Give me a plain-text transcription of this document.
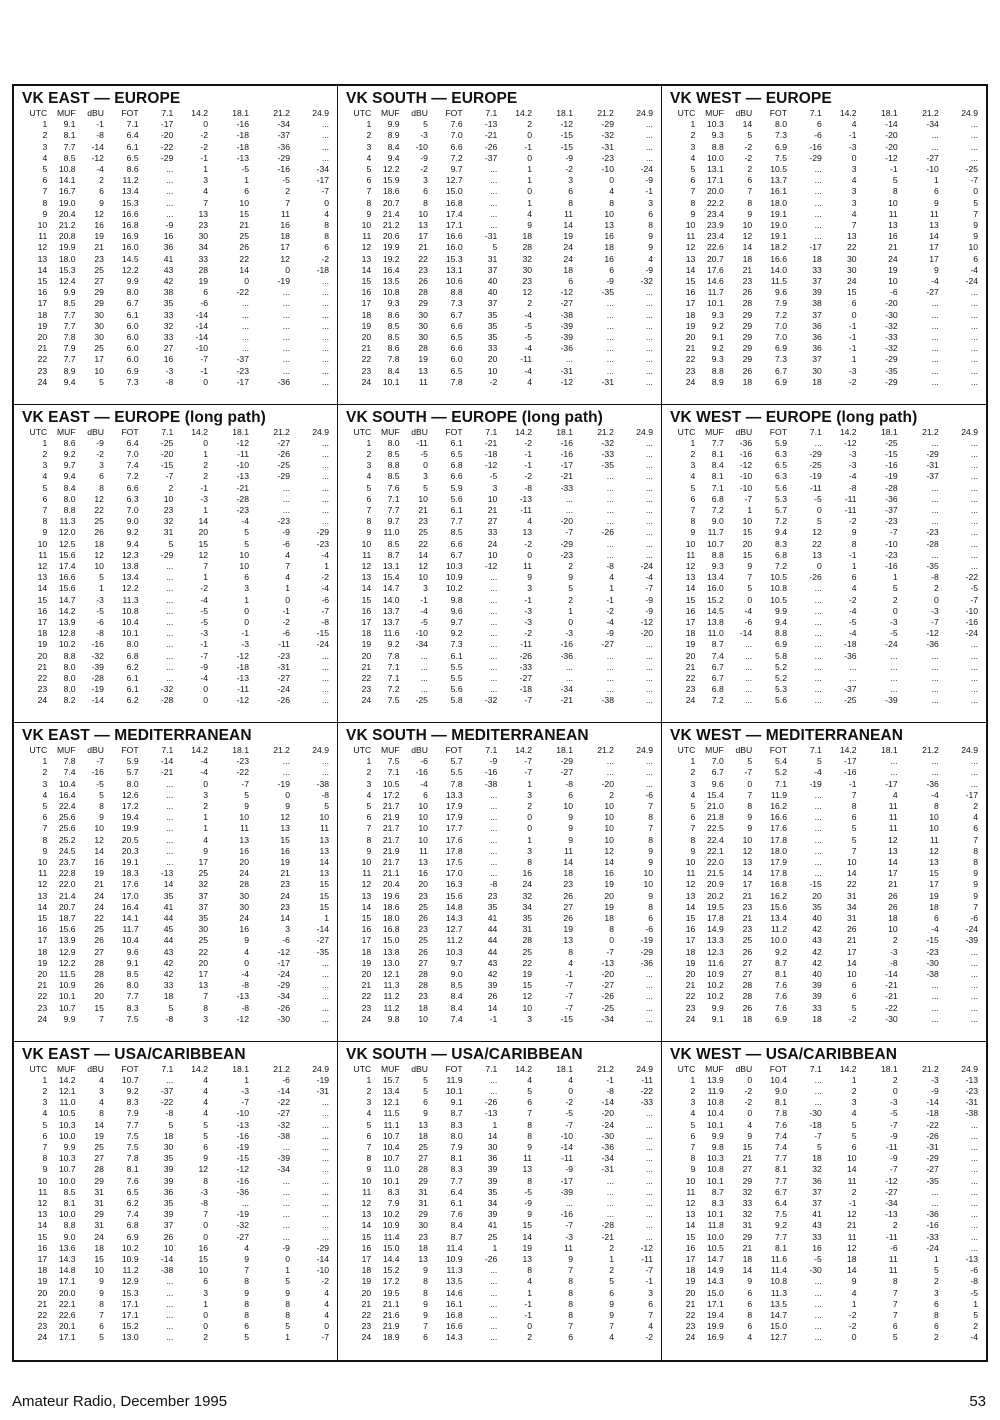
VK EAST — EUROPE
UTC	MUF	dBU	FOT	7.1	14.2	18.1	21.2	24.9
1	9.1	-1	7.1	-17	0	-16	-34	...
2	8.1	-8	6.4	-20	-2	-18	-37	...
3	7.7	-14	6.1	-22	-2	-18	-36	...
4	8.5	-12	6.5	-29	-1	-13	-29	...
5	10.8	-4	8.6	...	1	-5	-16	-34
6	14.1	2	11.2	...	3	1	-5	-17
7	16.7	6	13.4	...	4	6	2	-7
8	19.0	9	15.3	...	7	10	7	0
9	20.4	12	16.6	...	13	15	11	4
10	21.2	16	16.8	-9	23	21	16	8
11	20.8	19	16.9	16	30	25	18	8
12	19.9	21	16.0	36	34	26	17	6
13	18.0	23	14.5	41	33	22	12	-2
14	15.3	25	12.2	43	28	14	0	-18
15	12.4	27	9.9	42	19	0	-19	...
16	9.9	29	8.0	38	6	-22	...	...
17	8.5	29	6.7	35	-6	...	...	...
18	7.7	30	6.1	33	-14	...	...	...
19	7.7	30	6.0	32	-14	...	...	...
20	7.8	30	6.0	33	-14	...	...	...
21	7.9	25	6.0	27	-10	...	...	...
22	7.7	17	6.0	16	-7	-37	...	...
23	8.9	10	6.9	-3	-1	-23	...	...
24	9.4	5	7.3	-8	0	-17	-36	...
VK SOUTH — EUROPE
UTC	MUF	dBU	FOT	7.1	14.2	18.1	21.2	24.9
1	9.9	5	7.6	-13	2	-12	-29	...
2	8.9	-3	7.0	-21	0	-15	-32	...
3	8.4	-10	6.6	-26	-1	-15	-31	...
4	9.4	-9	7.2	-37	0	-9	-23	...
5	12.2	-2	9.7	...	1	-2	-10	-24
6	15.9	3	12.7	...	1	3	0	-9
7	18.6	6	15.0	...	0	6	4	-1
8	20.7	8	16.8	...	1	8	8	3
9	21.4	10	17.4	...	4	11	10	6
10	21.2	13	17.1	...	9	14	13	8
11	20.6	17	16.6	-31	18	19	16	9
12	19.9	21	16.0	5	28	24	18	9
13	19.2	22	15.3	31	32	24	16	4
14	16.4	23	13.1	37	30	18	6	-9
15	13.5	26	10.6	40	23	6	-9	-32
16	10.8	28	8.8	40	12	-12	-35	...
17	9.3	29	7.3	37	2	-27	...	...
18	8.6	30	6.7	35	-4	-38	...	...
19	8.5	30	6.6	35	-5	-39	...	...
20	8.5	30	6.5	35	-5	-39	...	...
21	8.6	28	6.6	33	-4	-36	...	...
22	7.8	19	6.0	20	-11	...	...	...
23	8.4	13	6.5	10	-4	-31	...	...
24	10.1	11	7.8	-2	4	-12	-31	...
VK WEST — EUROPE
UTC	MUF	dBU	FOT	7.1	14.2	18.1	21.2	24.9
1	10.3	14	8.0	6	4	-14	-34	...
2	9.3	5	7.3	-6	-1	-20	...	...
3	8.8	-2	6.9	-16	-3	-20	...	...
4	10.0	-2	7.5	-29	0	-12	-27	...
5	13.1	2	10.5	...	3	-1	-10	-25
6	17.1	6	13.7	...	4	5	1	-7
7	20.0	7	16.1	...	3	8	6	0
8	22.2	8	18.0	...	3	10	9	5
9	23.4	9	19.1	...	4	11	11	7
10	23.9	10	19.0	...	7	13	13	9
11	23.4	12	19.1	...	13	16	14	9
12	22.6	14	18.2	-17	22	21	17	10
13	20.7	18	16.6	18	30	24	17	6
14	17.6	21	14.0	33	30	19	9	-4
15	14.6	23	11.5	37	24	10	-4	-24
16	11.7	26	9.6	39	15	-6	-27	...
17	10.1	28	7.9	38	6	-20	...	...
18	9.3	29	7.2	37	0	-30	...	...
19	9.2	29	7.0	36	-1	-32	...	...
20	9.1	29	7.0	36	-1	-33	...	...
21	9.2	29	6.9	36	-1	-32	...	...
22	9.3	29	7.3	37	1	-29	...	...
23	8.8	26	6.7	30	-3	-35	...	...
24	8.9	18	6.9	18	-2	-29	...	...
VK EAST — EUROPE (long path)
UTC	MUF	dBU	FOT	7.1	14.2	18.1	21.2	24.9
1	8.6	-9	6.4	-25	0	-12	-27	...
2	9.2	-2	7.0	-20	1	-11	-26	...
3	9.7	3	7.4	-15	2	-10	-25	...
4	9.4	6	7.2	-7	2	-13	-29	...
5	8.4	8	6.6	2	-1	-21	...	...
6	8.0	12	6.3	10	-3	-28	...	...
7	8.8	22	7.0	23	1	-23	...	...
8	11.3	25	9.0	32	14	-4	-23	...
9	12.0	26	9.2	31	20	5	-9	-29
10	12.5	18	9.4	5	15	5	-6	-23
11	15.6	12	12.3	-29	12	10	4	-4
12	17.4	10	13.8	...	7	10	7	1
13	16.6	5	13.4	...	1	6	4	-2
14	15.6	1	12.2	...	-2	3	1	-4
15	14.7	-3	11.3	...	-4	1	0	-6
16	14.2	-5	10.8	...	-5	0	-1	-7
17	13.9	-6	10.4	...	-5	0	-2	-8
18	12.8	-8	10.1	...	-3	-1	-6	-15
19	10.2	-16	8.0	...	-1	-3	-11	-24
20	8.8	-32	6.8	...	-7	-12	-23	...
21	8.0	-39	6.2	...	-9	-18	-31	...
22	8.0	-28	6.1	...	-4	-13	-27	...
23	8.0	-19	6.1	-32	0	-11	-24	...
24	8.2	-14	6.2	-28	0	-12	-26	...
VK SOUTH — EUROPE (long path)
UTC	MUF	dBU	FOT	7.1	14.2	18.1	21.2	24.9
1	8.0	-11	6.1	-21	-2	-16	-32	...
2	8.5	-5	6.5	-18	-1	-16	-33	...
3	8.8	0	6.8	-12	-1	-17	-35	...
4	8.5	3	6.6	-5	-2	-21	...	...
5	7.6	5	5.9	3	-8	-33	...	...
6	7.1	10	5.6	10	-13	...	...	...
7	7.7	21	6.1	21	-11	...	...	...
8	9.7	23	7.7	27	4	-20	...	...
9	11.0	25	8.5	33	13	-7	-26	...
10	8.5	22	6.6	24	-2	-29	...	...
11	8.7	14	6.7	10	0	-23	...	...
12	13.1	12	10.3	-12	11	2	-8	-24
13	15.4	10	10.9	...	9	9	4	-4
14	14.7	3	10.2	...	3	5	1	-7
15	14.0	-1	9.8	...	-1	2	-1	-9
16	13.7	-4	9.6	...	-3	1	-2	-9
17	13.7	-5	9.7	...	-3	0	-4	-12
18	11.6	-10	9.2	...	-2	-3	-9	-20
19	9.2	-34	7.3	...	-11	-16	-27	...
20	7.8	...	6.1	...	-26	-36	...	...
21	7.1	...	5.5	...	-33	...	...	...
22	7.1	...	5.5	...	-27	...	...	...
23	7.2	...	5.6	...	-18	-34	...	...
24	7.5	-25	5.8	-32	-7	-21	-38	...
VK WEST — EUROPE (long path)
UTC	MUF	dBU	FOT	7.1	14.2	18.1	21.2	24.9
1	7.7	-36	5.9	...	-12	-25	...	...
2	8.1	-16	6.3	-29	-3	-15	-29	...
3	8.4	-12	6.5	-25	-3	-16	-31	...
4	8.1	-10	6.3	-19	-4	-19	-37	...
5	7.1	-10	5.6	-11	-8	-28	...	...
6	6.8	-7	5.3	-5	-11	-36	...	...
7	7.2	1	5.7	0	-11	-37	...	...
8	9.0	10	7.2	5	-2	-23	...	...
9	11.7	15	9.4	12	9	-7	-23	...
10	10.7	20	8.3	22	8	-10	-28	...
11	8.8	15	6.8	13	-1	-23	...	...
12	9.3	9	7.2	0	1	-16	-35	...
13	13.4	7	10.5	-26	6	1	-8	-22
14	16.0	5	10.8	...	4	5	2	-5
15	15.2	0	10.5	...	-2	2	0	-7
16	14.5	-4	9.9	...	-4	0	-3	-10
17	13.8	-6	9.4	...	-5	-3	-7	-16
18	11.0	-14	8.8	...	-4	-5	-12	-24
19	8.7	...	6.9	...	-18	-24	-36	...
20	7.4	...	5.8	...	-36	...	...	...
21	6.7	...	5.2	...	...	...	...	...
22	6.7	...	5.2	...	...	...	...	...
23	6.8	...	5.3	...	-37	...	...	...
24	7.2	...	5.6	...	-25	-39	...	...
VK EAST — MEDITERRANEAN
UTC	MUF	dBU	FOT	7.1	14.2	18.1	21.2	24.9
1	7.8	-7	5.9	-14	-4	-23	...	...
2	7.4	-16	5.7	-21	-4	-22	...	...
3	10.4	-5	8.0	...	0	-7	-19	-38
4	16.4	5	12.6	...	3	5	0	-8
5	22.4	8	17.2	...	2	9	9	5
6	25.6	9	19.4	...	1	10	12	10
7	25.6	10	19.9	...	1	11	13	11
8	25.2	12	20.5	...	4	13	15	13
9	24.5	14	20.3	...	9	16	16	13
10	23.7	16	19.1	...	17	20	19	14
11	22.8	19	18.3	-13	25	24	21	13
12	22.0	21	17.6	14	32	28	23	15
13	21.4	24	17.0	35	37	30	24	15
14	20.7	24	16.4	41	37	30	23	15
15	18.7	22	14.1	44	35	24	14	1
16	15.6	25	11.7	45	30	16	3	-14
17	13.9	26	10.4	44	25	9	-6	-27
18	12.9	27	9.6	43	22	4	-12	-35
19	12.2	28	9.1	42	20	0	-17	...
20	11.5	28	8.5	42	17	-4	-24	...
21	10.9	26	8.0	33	13	-8	-29	...
22	10.1	20	7.7	18	7	-13	-34	...
23	10.7	15	8.3	5	8	-8	-26	...
24	9.9	7	7.5	-8	3	-12	-30	...
VK SOUTH — MEDITERRANEAN
UTC	MUF	dBU	FOT	7.1	14.2	18.1	21.2	24.9
1	7.5	-6	5.7	-9	-7	-29	...	...
2	7.1	-16	5.5	-16	-7	-27	...	...
3	10.5	-4	7.8	-38	1	-8	-20	...
4	17.2	6	13.3	...	3	6	2	-6
5	21.7	10	17.9	...	2	10	10	7
6	21.9	10	17.9	...	0	9	10	8
7	21.7	10	17.7	...	0	9	10	7
8	21.7	10	17.6	...	1	9	10	8
9	21.9	11	17.8	...	3	11	12	9
10	21.7	13	17.5	...	8	14	14	9
11	21.1	16	17.0	...	16	18	16	10
12	20.4	20	16.3	-8	24	23	19	10
13	19.6	23	15.6	23	32	26	20	9
14	18.6	25	14.8	35	34	27	19	8
15	18.0	26	14.3	41	35	26	18	6
16	16.8	23	12.7	44	31	19	8	-6
17	15.0	25	11.2	44	28	13	0	-19
18	13.8	26	10.3	44	25	8	-7	-29
19	13.0	27	9.7	43	22	4	-13	-36
20	12.1	28	9.0	42	19	-1	-20	...
21	11.3	28	8.5	39	15	-7	-27	...
22	11.2	23	8.4	26	12	-7	-26	...
23	11.2	18	8.4	14	10	-7	-25	...
24	9.8	10	7.4	-1	3	-15	-34	...
VK WEST — MEDITERRANEAN
UTC	MUF	dBU	FOT	7.1	14.2	18.1	21.2	24.9
1	7.0	5	5.4	5	-17	...	...	...
2	6.7	-7	5.2	-4	-16	...	...	...
3	9.6	0	7.1	-19	-1	-17	-36	...
4	15.4	7	11.9	...	7	4	-4	-17
5	21.0	8	16.2	...	8	11	8	2
6	21.8	9	16.6	...	6	11	10	4
7	22.5	9	17.6	...	5	11	10	6
8	22.4	10	17.8	...	5	12	11	7
9	22.1	12	18.0	...	7	13	12	8
10	22.0	13	17.9	...	10	14	13	8
11	21.5	14	17.8	...	14	17	15	9
12	20.9	17	16.8	-15	22	21	17	9
13	20.2	21	16.2	20	31	26	19	9
14	19.5	23	15.6	35	34	26	18	7
15	17.8	21	13.4	40	31	18	6	-6
16	14.9	23	11.2	42	26	10	-4	-24
17	13.3	25	10.0	43	21	2	-15	-39
18	12.3	26	9.2	42	17	-3	-23	...
19	11.6	27	8.7	42	14	-8	-30	...
20	10.9	27	8.1	40	10	-14	-38	...
21	10.2	28	7.6	39	6	-21	...	...
22	10.2	28	7.6	39	6	-21	...	...
23	9.9	26	7.6	33	5	-22	...	...
24	9.1	18	6.9	18	-2	-30	...	...
VK EAST — USA/CARIBBEAN
UTC	MUF	dBU	FOT	7.1	14.2	18.1	21.2	24.9
1	14.2	4	10.7	...	4	1	-6	-19
2	12.1	3	9.2	-37	4	-3	-14	-31
3	11.0	4	8.3	-22	4	-7	-22	...
4	10.5	8	7.9	-8	4	-10	-27	...
5	10.3	14	7.7	5	5	-13	-32	...
6	10.0	19	7.5	18	5	-16	-38	...
7	9.9	25	7.5	30	6	-19	...	...
8	10.3	27	7.8	35	9	-15	-39	...
9	10.7	28	8.1	39	12	-12	-34	...
10	10.0	29	7.6	39	8	-16	...	...
11	8.5	31	6.5	36	-3	-36	...	...
12	8.1	31	6.2	35	-8	...	...	...
13	10.0	29	7.4	39	7	-19	...	...
14	8.8	31	6.8	37	0	-32	...	...
15	9.0	24	6.9	26	0	-27	...	...
16	13.6	18	10.2	10	16	4	-9	-29
17	14.3	15	10.9	-14	15	9	0	-14
18	14.8	10	11.2	-38	10	7	1	-10
19	17.1	9	12.9	...	6	8	5	-2
20	20.0	9	15.3	...	3	9	9	4
21	22.1	8	17.1	...	1	8	8	4
22	22.6	7	17.1	...	0	8	8	4
23	20.1	6	15.2	...	0	6	5	0
24	17.1	5	13.0	...	2	5	1	-7
VK SOUTH — USA/CARIBBEAN
UTC	MUF	dBU	FOT	7.1	14.2	18.1	21.2	24.9
1	15.7	5	11.9	...	4	4	-1	-11
2	13.4	5	10.1	...	5	0	-8	-22
3	12.1	6	9.1	-26	6	-2	-14	-33
4	11.5	9	8.7	-13	7	-5	-20	...
5	11.1	13	8.3	1	8	-7	-24	...
6	10.7	18	8.0	14	8	-10	-30	...
7	10.4	25	7.9	30	9	-14	-36	...
8	10.7	27	8.1	36	11	-11	-34	...
9	11.0	28	8.3	39	13	-9	-31	...
10	10.1	29	7.7	39	8	-17	...	...
11	8.3	31	6.4	35	-5	-39	...	...
12	7.9	31	6.1	34	-9	...	...	...
13	10.2	29	7.6	39	9	-16	...	...
14	10.9	30	8.4	41	15	-7	-28	...
15	11.4	23	8.7	25	14	-3	-21	...
16	15.0	18	11.4	1	19	11	2	-12
17	14.4	13	10.9	-26	13	9	1	-11
18	15.2	9	11.3	...	8	7	2	-7
19	17.2	8	13.5	...	4	8	5	-1
20	19.5	8	14.6	...	1	8	6	3
21	21.1	9	16.1	...	-1	8	9	6
22	21.6	9	16.8	...	-1	8	9	7
23	21.9	7	16.6	...	0	7	7	4
24	18.9	6	14.3	...	2	6	4	-2
VK WEST — USA/CARIBBEAN
UTC	MUF	dBU	FOT	7.1	14.2	18.1	21.2	24.9
1	13.9	0	10.4	...	1	2	-3	-13
2	11.9	-2	9.0	...	2	0	-9	-23
3	10.8	-2	8.1	...	3	-3	-14	-31
4	10.4	0	7.8	-30	4	-5	-18	-38
5	10.1	4	7.6	-18	5	-7	-22	...
6	9.9	9	7.4	-7	5	-9	-26	...
7	9.8	15	7.4	5	6	-11	-31	...
8	10.3	21	7.7	18	10	-9	-29	...
9	10.8	27	8.1	32	14	-7	-27	...
10	10.1	29	7.7	36	11	-12	-35	...
11	8.7	32	6.7	37	2	-27	...	...
12	8.3	33	6.4	37	-1	-34	...	...
13	10.1	32	7.5	41	12	-13	-36	...
14	11.8	31	9.2	43	21	2	-16	...
15	10.0	29	7.7	33	11	-11	-33	...
16	10.5	21	8.1	16	12	-6	-24	...
17	14.7	18	11.6	-5	18	11	1	-13
18	14.9	14	11.4	-30	14	11	5	-6
19	14.3	9	10.8	...	9	8	2	-8
20	15.0	6	11.3	...	4	7	3	-5
21	17.1	6	13.5	...	1	7	6	1
22	19.4	8	14.7	...	-2	7	8	5
23	19.9	6	15.0	...	-2	6	6	2
24	16.9	4	12.7	...	0	5	2	-4
Amateur Radio, December 1995	53
